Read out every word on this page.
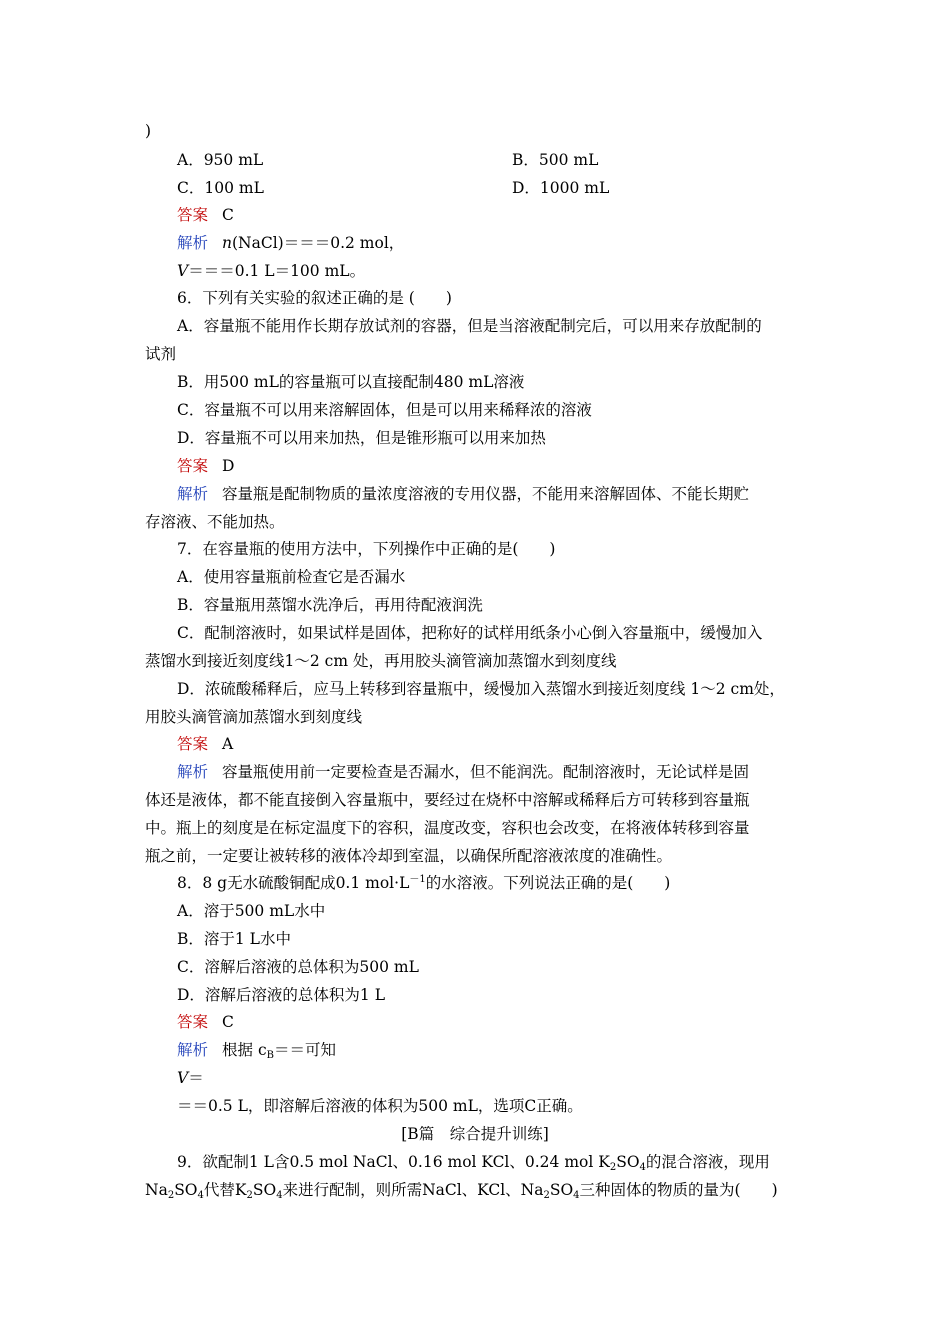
)
A．950 mL	B．500 mL
C．100 mL	D．1000 mL
答案 C
解析 n(NaCl)＝＝＝0.2 mol，
V＝＝＝0.1 L＝100 mL。
6．下列有关实验的叙述正确的是 (　　)
A．容量瓶不能用作长期存放试剂的容器，但是当溶液配制完后，可以用来存放配制的
试剂
B．用500 mL的容量瓶可以直接配制480 mL溶液
C．容量瓶不可以用来溶解固体，但是可以用来稀释浓的溶液
D．容量瓶不可以用来加热，但是锥形瓶可以用来加热
答案 D
解析 容量瓶是配制物质的量浓度溶液的专用仪器，不能用来溶解固体、不能长期贮
存溶液、不能加热。
7．在容量瓶的使用方法中，下列操作中正确的是(　　)
A．使用容量瓶前检查它是否漏水
B．容量瓶用蒸馏水洗净后，再用待配液润洗
C．配制溶液时，如果试样是固体，把称好的试样用纸条小心倒入容量瓶中，缓慢加入
蒸馏水到接近刻度线1～2 cm 处，再用胶头滴管滴加蒸馏水到刻度线
D．浓硫酸稀释后，应马上转移到容量瓶中，缓慢加入蒸馏水到接近刻度线 1～2 cm处，
用胶头滴管滴加蒸馏水到刻度线
答案 A
解析 容量瓶使用前一定要检查是否漏水，但不能润洗。配制溶液时，无论试样是固
体还是液体，都不能直接倒入容量瓶中，要经过在烧杯中溶解或稀释后方可转移到容量瓶
中。瓶上的刻度是在标定温度下的容积，温度改变，容积也会改变，在将液体转移到容量
瓶之前，一定要让被转移的液体冷却到室温，以确保所配溶液浓度的准确性。
8．8 g无水硫酸铜配成0.1 $mol\cdot L^{-1}$的水溶液。下列说法正确的是(　　)
A．溶于500 mL水中
B．溶于1 L水中
C．溶解后溶液的总体积为500 mL
D．溶解后溶液的总体积为1 L
答案 C
解析 根据 $c_B==$可知
V＝
＝＝0.5 L，即溶解后溶液的体积为500 mL，选项C正确。
[B篇　综合提升训练]
9．欲配制1 L含0.5 mol NaCl、0.16 mol KCl、0.24 mol $K_2SO_4$的混合溶液，现用
$Na_2SO_4$代替$K_2SO_4$来进行配制，则所需NaCl、KCl、$Na_2SO_4$三种固体的物质的量为(　　)
